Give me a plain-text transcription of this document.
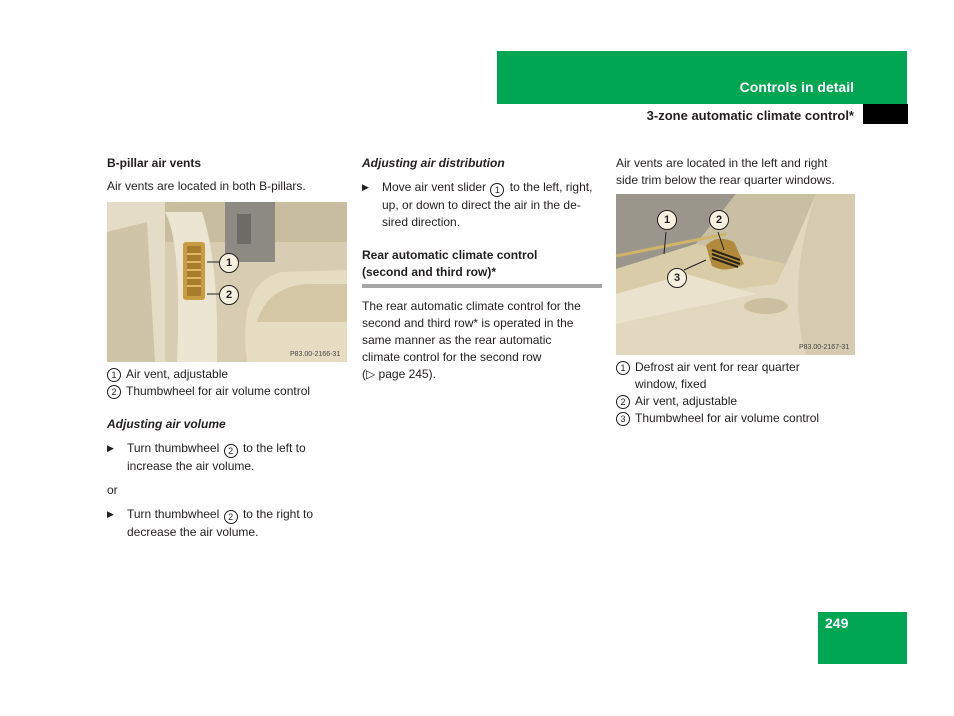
Controls in detail
3-zone automatic climate control*

B-pillar air vents

Air vents are located in both B-pillars.

1
2
P83.00-2166-31
1 Air vent, adjustable
2 Thumbwheel for air volume control

Adjusting air volume

▶ Turn thumbwheel 2 to the left to
increase the air volume.

or

▶ Turn thumbwheel 2 to the right to
decrease the air volume.

Adjusting air distribution

▶ Move air vent slider 1 to the left, right,
up, or down to direct the air in the de-
sired direction.

Rear automatic climate control
(second and third row)*

The rear automatic climate control for the
second and third row* is operated in the
same manner as the rear automatic
climate control for the second row
(▷ page 245).

Air vents are located in the left and right
side trim below the rear quarter windows.

1	2
3
P83.00-2167-31
1 Defrost air vent for rear quarter
window, fixed
2 Air vent, adjustable
3 Thumbwheel for air volume control
249
